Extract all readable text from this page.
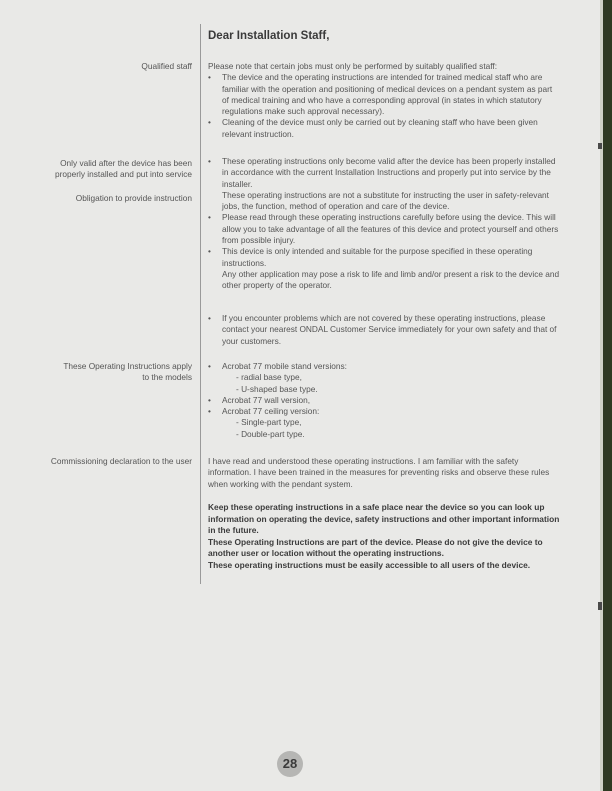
Dear Installation Staff,
Qualified staff
Only valid after the device has been properly installed and put into service
Obligation to provide instruction
These Operating Instructions apply to the models
Commissioning declaration to the user
Please note that certain jobs must only be performed by suitably qualified staff:
• The device and the operating instructions are intended for trained medical staff who are familiar with the operation and positioning of medical devices on a pendant system as part of medical training and who have a corresponding approval (in states in which statutory regulations make such approval necessary).
• Cleaning of the device must only be carried out by cleaning staff who have been given relevant instruction.
• These operating instructions only become valid after the device has been properly installed in accordance with the current Installation Instructions and properly put into service by the installer.
These operating instructions are not a substitute for instructing the user in safety-relevant jobs, the function, method of operation and care of the device.
• Please read through these operating instructions carefully before using the device. This will allow you to take advantage of all the features of this device and protect yourself and others from possible injury.
• This device is only intended and suitable for the purpose specified in these operating instructions.
Any other application may pose a risk to life and limb and/or present a risk to the device and other property of the operator.
• If you encounter problems which are not covered by these operating instructions, please contact your nearest ONDAL Customer Service immediately for your own safety and that of your customers.
• Acrobat 77 mobile stand versions:
- radial base type,
- U-shaped base type.
• Acrobat 77 wall version,
• Acrobat 77 ceiling version:
- Single-part type,
- Double-part type.
I have read and understood these operating instructions. I am familiar with the safety information. I have been trained in the measures for preventing risks and observe these rules when working with the pendant system.
Keep these operating instructions in a safe place near the device so you can look up information on operating the device, safety instructions and other important information in the future.
These Operating Instructions are part of the device. Please do not give the device to another user or location without the operating instructions.
These operating instructions must be easily accessible to all users of the device.
28
